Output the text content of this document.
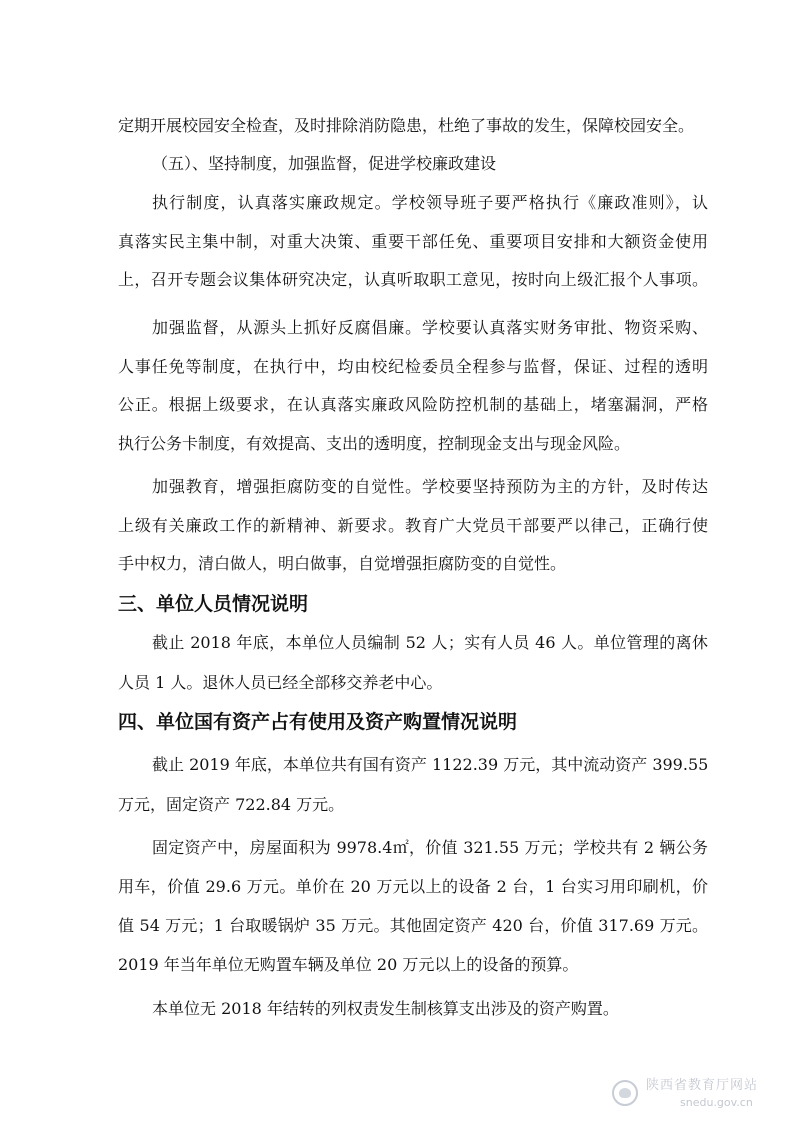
定期开展校园安全检查，及时排除消防隐患，杜绝了事故的发生，保障校园安全。
（五）、坚持制度，加强监督，促进学校廉政建设
执行制度，认真落实廉政规定。学校领导班子要严格执行《廉政准则》，认
真落实民主集中制，对重大决策、重要干部任免、重要项目安排和大额资金使用
上，召开专题会议集体研究决定，认真听取职工意见，按时向上级汇报个人事项。
加强监督，从源头上抓好反腐倡廉。学校要认真落实财务审批、物资采购、
人事任免等制度，在执行中，均由校纪检委员全程参与监督，保证、过程的透明
公正。根据上级要求，在认真落实廉政风险防控机制的基础上，堵塞漏洞，严格
执行公务卡制度，有效提高、支出的透明度，控制现金支出与现金风险。
加强教育，增强拒腐防变的自觉性。学校要坚持预防为主的方针，及时传达
上级有关廉政工作的新精神、新要求。教育广大党员干部要严以律己，正确行使
手中权力，清白做人，明白做事，自觉增强拒腐防变的自觉性。
三、单位人员情况说明
截止 2018 年底，本单位人员编制 52 人；实有人员 46 人。单位管理的离休
人员 1 人。退休人员已经全部移交养老中心。
四、单位国有资产占有使用及资产购置情况说明
截止 2019 年底，本单位共有国有资产 1122.39 万元，其中流动资产 399.55
万元，固定资产 722.84 万元。
固定资产中，房屋面积为 9978.4㎡，价值 321.55 万元；学校共有 2 辆公务
用车，价值 29.6 万元。单价在 20 万元以上的设备 2 台，1 台实习用印刷机，价
值 54 万元；1 台取暖锅炉 35 万元。其他固定资产 420 台，价值 317.69 万元。
2019 年当年单位无购置车辆及单位 20 万元以上的设备的预算。
本单位无 2018 年结转的列权责发生制核算支出涉及的资产购置。
陕西省教育厅网站
snedu.gov.cn
